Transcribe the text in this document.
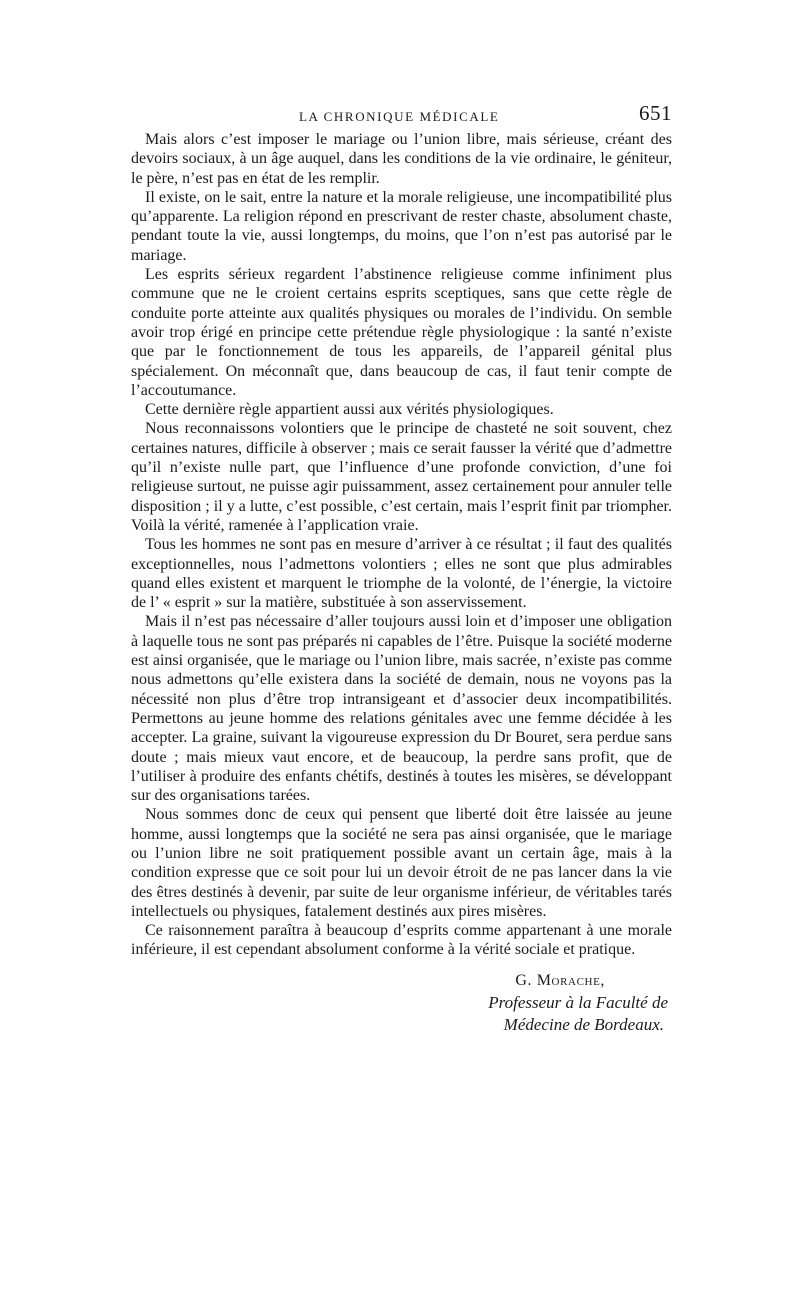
LA CHRONIQUE MÉDICALE	651

Mais alors c’est imposer le mariage ou l’union libre, mais sérieuse, créant des devoirs sociaux, à un âge auquel, dans les conditions de la vie ordinaire, le géniteur, le père, n’est pas en état de les remplir.

Il existe, on le sait, entre la nature et la morale religieuse, une incompatibilité plus qu’apparente. La religion répond en prescrivant de rester chaste, absolument chaste, pendant toute la vie, aussi longtemps, du moins, que l’on n’est pas autorisé par le mariage.

Les esprits sérieux regardent l’abstinence religieuse comme infiniment plus commune que ne le croient certains esprits sceptiques, sans que cette règle de conduite porte atteinte aux qualités physiques ou morales de l’individu. On semble avoir trop érigé en principe cette prétendue règle physiologique : la santé n’existe que par le fonctionnement de tous les appareils, de l’appareil génital plus spécialement. On méconnaît que, dans beaucoup de cas, il faut tenir compte de l’accoutumance.

Cette dernière règle appartient aussi aux vérités physiologiques.

Nous reconnaissons volontiers que le principe de chasteté ne soit souvent, chez certaines natures, difficile à observer ; mais ce serait fausser la vérité que d’admettre qu’il n’existe nulle part, que l’influence d’une profonde conviction, d’une foi religieuse surtout, ne puisse agir puissamment, assez certainement pour annuler telle disposition ; il y a lutte, c’est possible, c’est certain, mais l’esprit finit par triompher. Voilà la vérité, ramenée à l’application vraie.

Tous les hommes ne sont pas en mesure d’arriver à ce résultat ; il faut des qualités exceptionnelles, nous l’admettons volontiers ; elles ne sont que plus admirables quand elles existent et marquent le triomphe de la volonté, de l’énergie, la victoire de l’ « esprit » sur la matière, substituée à son asservissement.

Mais il n’est pas nécessaire d’aller toujours aussi loin et d’imposer une obligation à laquelle tous ne sont pas préparés ni capables de l’être. Puisque la société moderne est ainsi organisée, que le mariage ou l’union libre, mais sacrée, n’existe pas comme nous admettons qu’elle existera dans la société de demain, nous ne voyons pas la nécessité non plus d’être trop intransigeant et d’associer deux incompatibilités. Permettons au jeune homme des relations génitales avec une femme décidée à les accepter. La graine, suivant la vigoureuse expression du Dr Bouret, sera perdue sans doute ; mais mieux vaut encore, et de beaucoup, la perdre sans profit, que de l’utiliser à produire des enfants chétifs, destinés à toutes les misères, se développant sur des organisations tarées.

Nous sommes donc de ceux qui pensent que liberté doit être laissée au jeune homme, aussi longtemps que la société ne sera pas ainsi organisée, que le mariage ou l’union libre ne soit pratiquement possible avant un certain âge, mais à la condition expresse que ce soit pour lui un devoir étroit de ne pas lancer dans la vie des êtres destinés à devenir, par suite de leur organisme inférieur, de véritables tarés intellectuels ou physiques, fatalement destinés aux pires misères.

Ce raisonnement paraîtra à beaucoup d’esprits comme appartenant à une morale inférieure, il est cependant absolument conforme à la vérité sociale et pratique.

G. Morache,
Professeur à la Faculté de
Médecine de Bordeaux.
